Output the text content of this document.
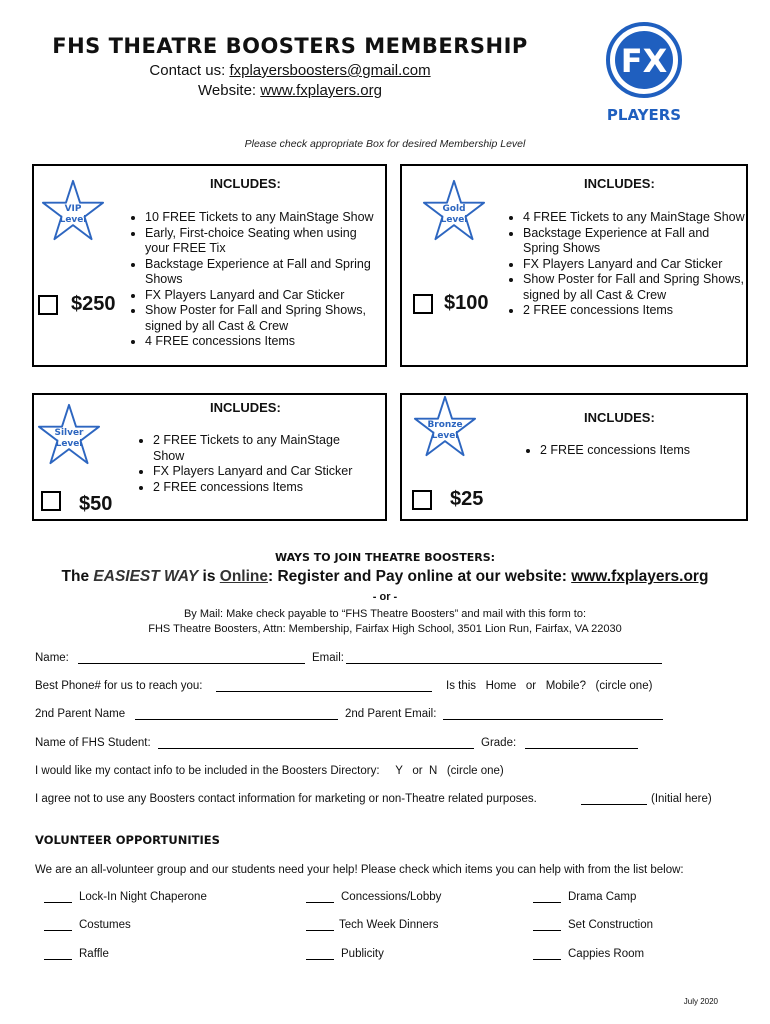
FHS THEATRE BOOSTERS MEMBERSHIP
Contact us: fxplayersboosters@gmail.com
Website: www.fxplayers.org
FX
PLAYERS
Please check appropriate Box for desired Membership Level
INCLUDES:
VIP
Level
$250
• 10 FREE Tickets to any MainStage Show
• Early, First-choice Seating when using your FREE Tix
• Backstage Experience at Fall and Spring Shows
• FX Players Lanyard and Car Sticker
• Show Poster for Fall and Spring Shows, signed by all Cast & Crew
• 4 FREE concessions Items
INCLUDES:
Gold
Level
$100
• 4 FREE Tickets to any MainStage Show
• Backstage Experience at Fall and Spring Shows
• FX Players Lanyard and Car Sticker
• Show Poster for Fall and Spring Shows, signed by all Cast & Crew
• 2 FREE concessions Items
INCLUDES:
Silver
Level
$50
• 2 FREE Tickets to any MainStage Show
• FX Players Lanyard and Car Sticker
• 2 FREE concessions Items
INCLUDES:
Bronze
Level
$25
• 2 FREE concessions Items
WAYS TO JOIN THEATRE BOOSTERS:
The EASIEST WAY is Online: Register and Pay online at our website: www.fxplayers.org
- or -
By Mail: Make check payable to “FHS Theatre Boosters” and mail with this form to:
FHS Theatre Boosters, Attn: Membership, Fairfax High School, 3501 Lion Run, Fairfax, VA 22030
Name:	Email:
Best Phone# for us to reach you:	Is this   Home   or   Mobile?   (circle one)
2nd Parent Name	2nd Parent Email:
Name of FHS Student:	Grade:
I would like my contact info to be included in the Boosters Directory:     Y   or  N   (circle one)
I agree not to use any Boosters contact information for marketing or non-Theatre related purposes.	(Initial here)
VOLUNTEER OPPORTUNITIES
We are an all-volunteer group and our students need your help! Please check which items you can help with from the list below:
Lock-In Night Chaperone	Concessions/Lobby	Drama Camp
Costumes	Tech Week Dinners	Set Construction
Raffle	Publicity	Cappies Room
July 2020
